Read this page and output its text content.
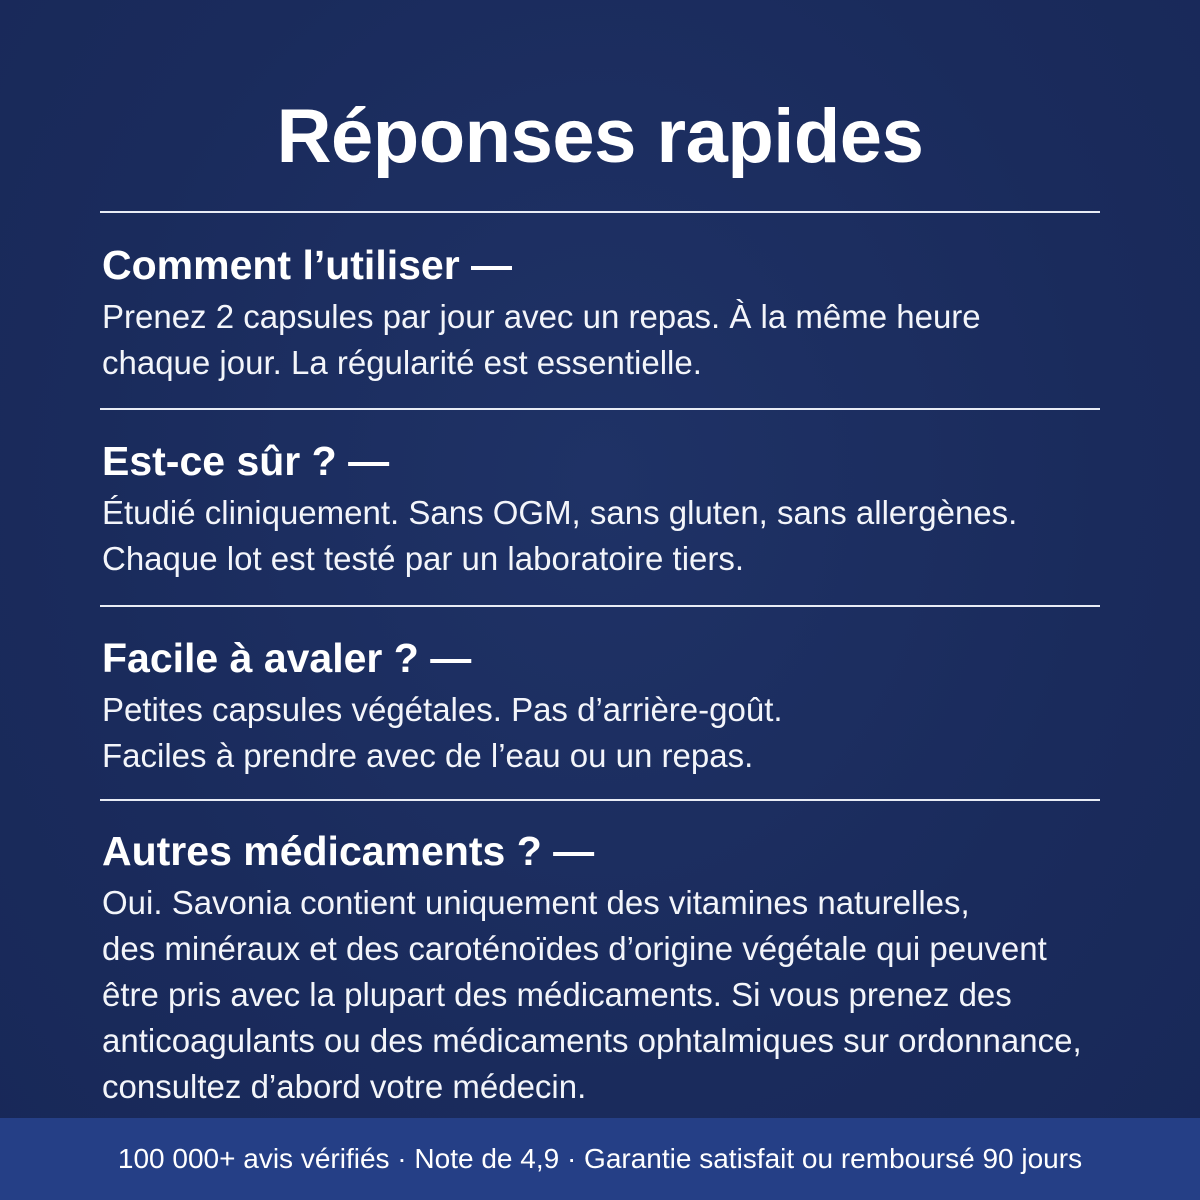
Réponses rapides

Comment l’utiliser —

Prenez 2 capsules par jour avec un repas. À la même heure
chaque jour. La régularité est essentielle.

Est-ce sûr ? —

Étudié cliniquement. Sans OGM, sans gluten, sans allergènes.
Chaque lot est testé par un laboratoire tiers.

Facile à avaler ? —

Petites capsules végétales. Pas d’arrière-goût.
Faciles à prendre avec de l’eau ou un repas.

Autres médicaments ? —

Oui. Savonia contient uniquement des vitamines naturelles,
des minéraux et des caroténoïdes d’origine végétale qui peuvent
être pris avec la plupart des médicaments. Si vous prenez des
anticoagulants ou des médicaments ophtalmiques sur ordonnance,
consultez d’abord votre médecin.

100 000+ avis vérifiés · Note de 4,9 · Garantie satisfait ou remboursé 90 jours
